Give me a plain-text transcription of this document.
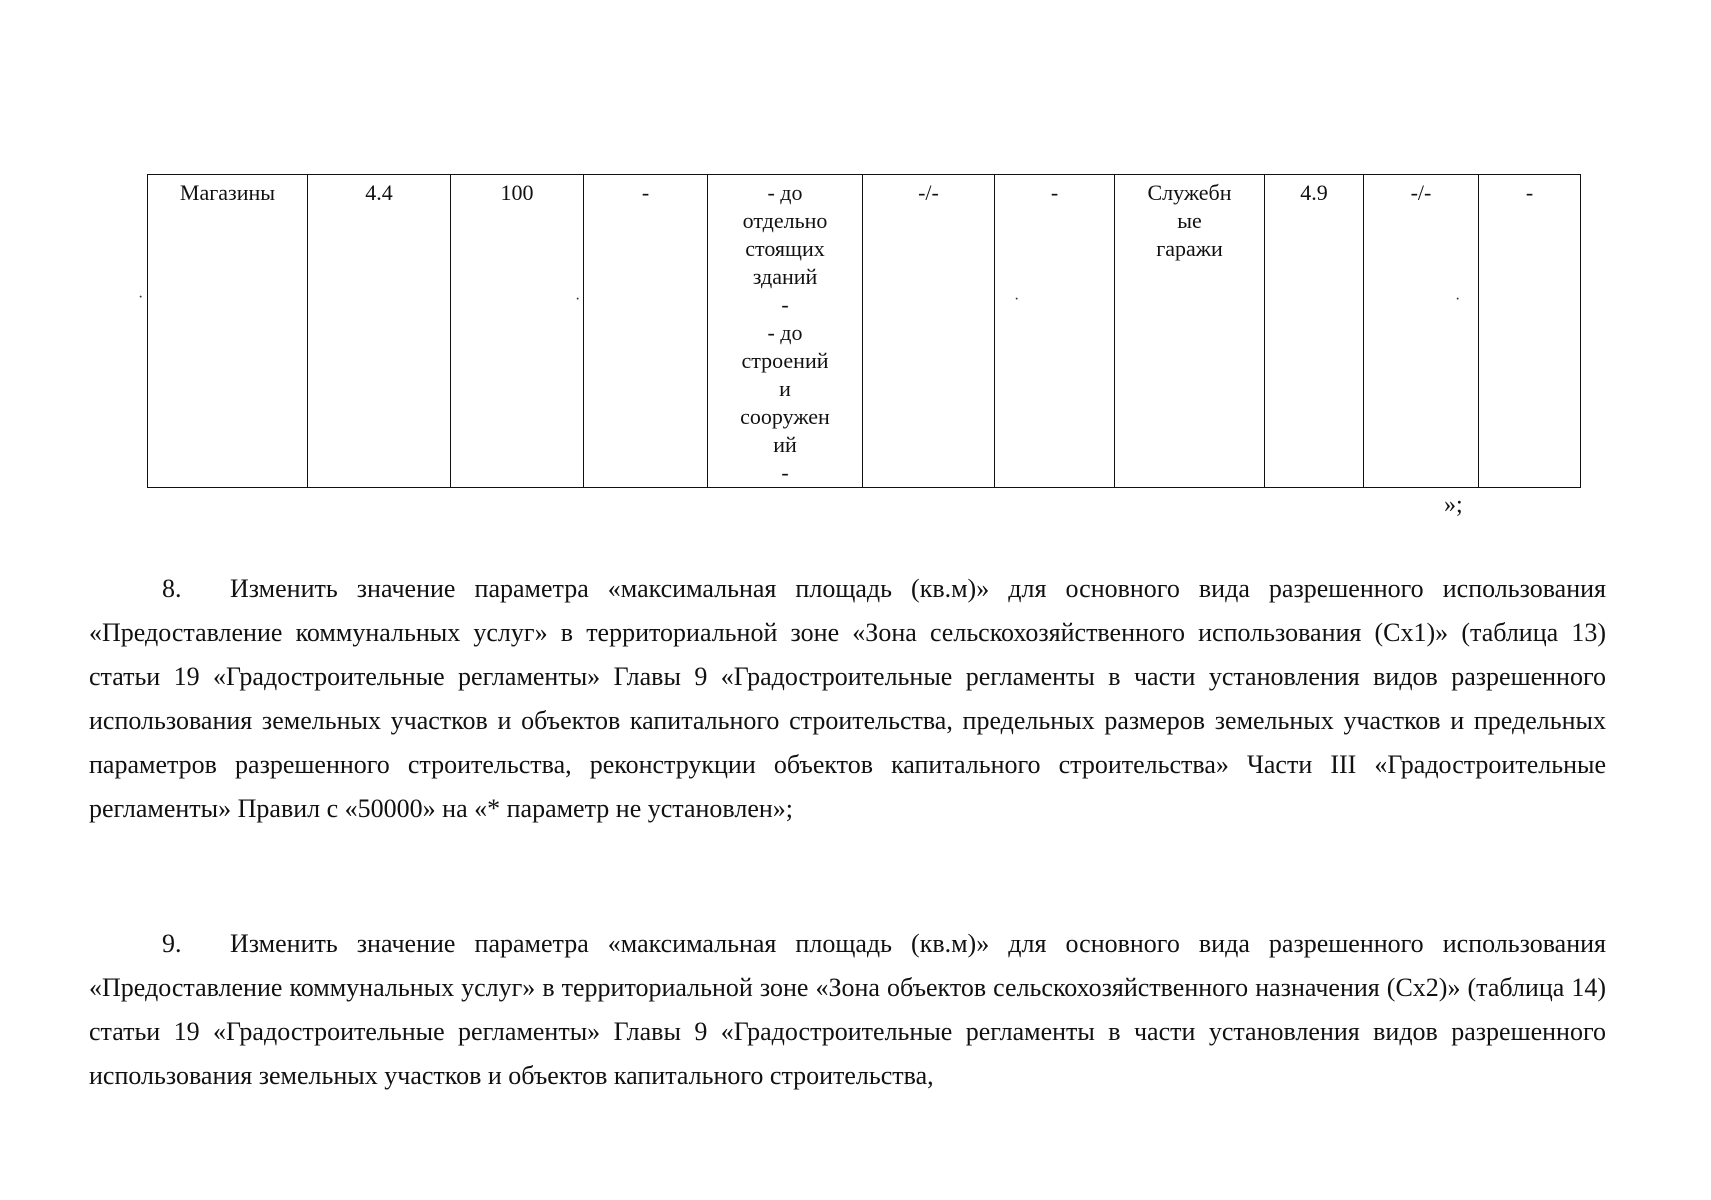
Магазины	4.4	100	-	- до
отдельно
стоящих
зданий
-
- до
строений
и
сооружен
ий
-	-/-	-	Служебн
ые
гаражи	4.9	-/-	-
·	·	·	·
»;

8. Изменить значение параметра «максимальная площадь (кв.м)» для основного вида разрешенного использования «Предоставление коммунальных услуг» в территориальной зоне «Зона сельскохозяйственного использования (Сх1)» (таблица 13) статьи 19 «Градостроительные регламенты» Главы 9 «Градостроительные регламенты в части установления видов разрешенного использования земельных участков и объектов капитального строительства, предельных размеров земельных участков и предельных параметров разрешенного строительства, реконструкции объектов капитального строительства» Части III «Градостроительные регламенты» Правил с «50000» на «* параметр не установлен»;

9. Изменить значение параметра «максимальная площадь (кв.м)» для основного вида разрешенного использования «Предоставление коммунальных услуг» в территориальной зоне «Зона объектов сельскохозяйственного назначения (Сх2)» (таблица 14) статьи 19 «Градостроительные регламенты» Главы 9 «Градостроительные регламенты в части установления видов разрешенного использования земельных участков и объектов капитального строительства,
